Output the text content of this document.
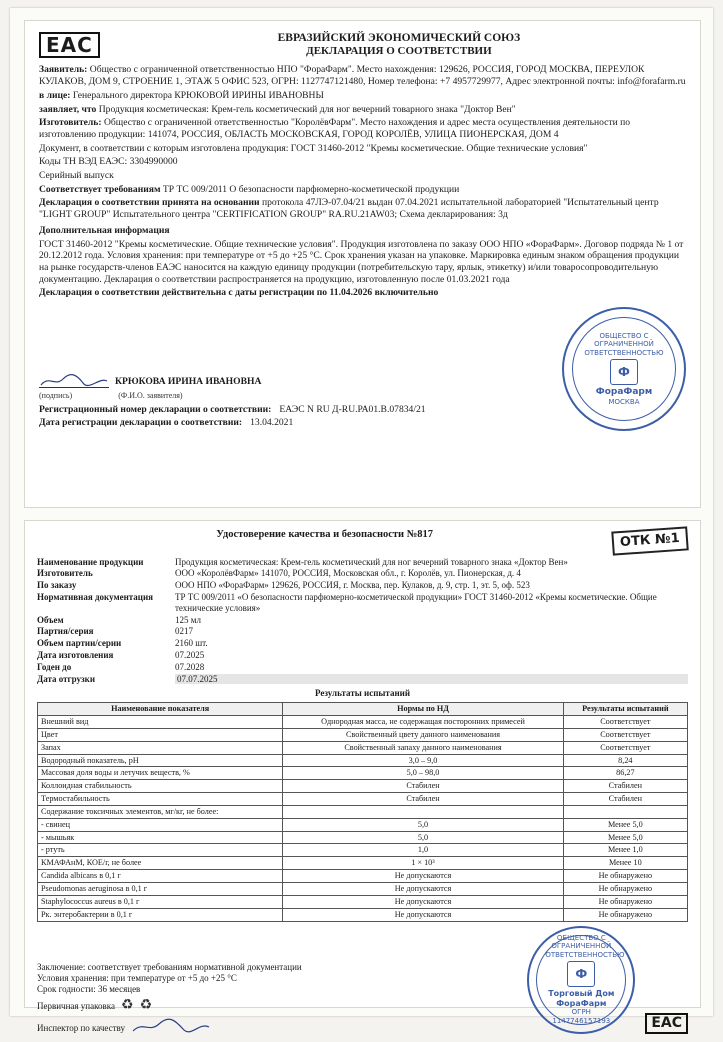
ЕАС	ЕВРАЗИЙСКИЙ ЭКОНОМИЧЕСКИЙ СОЮЗ
ДЕКЛАРАЦИЯ О СООТВЕТСТВИИ

Заявитель: Общество с ограниченной ответственностью НПО "ФораФарм". Место нахождения: 129626, РОССИЯ, ГОРОД МОСКВА, ПЕРЕУЛОК КУЛАКОВ, ДОМ 9, СТРОЕНИЕ 1, ЭТАЖ 5 ОФИС 523, ОГРН: 1127747121480, Номер телефона: +7 4957729977, Адрес электронной почты: info@forafarm.ru

в лице: Генерального директора КРЮКОВОЙ ИРИНЫ ИВАНОВНЫ

заявляет, что Продукция косметическая: Крем-гель косметический для ног вечерний товарного знака "Доктор Вен"

Изготовитель: Общество с ограниченной ответственностью "КоролёвФарм". Место нахождения и адрес места осуществления деятельности по изготовлению продукции: 141074, РОССИЯ, ОБЛАСТЬ МОСКОВСКАЯ, ГОРОД КОРОЛЁВ, УЛИЦА ПИОНЕРСКАЯ, ДОМ 4

Документ, в соответствии с которым изготовлена продукция: ГОСТ 31460-2012 "Кремы косметические. Общие технические условия"

Коды ТН ВЭД ЕАЭС: 3304990000

Серийный выпуск

Соответствует требованиям ТР ТС 009/2011 О безопасности парфюмерно-косметической продукции

Декларация о соответствии принята на основании протокола 47ЛЭ-07.04/21 выдан 07.04.2021 испытательной лабораторией "Испытательный центр "LIGHT GROUP" Испытательного центра "CERTIFICATION GROUP" RA.RU.21AW03; Схема декларирования: 3д

Дополнительная информация

ГОСТ 31460-2012 "Кремы косметические. Общие технические условия". Продукция изготовлена по заказу ООО НПО «ФораФарм». Договор подряда № 1 от 20.12.2012 года. Условия хранения: при температуре от +5 до +25 °С. Срок хранения указан на упаковке. Маркировка единым знаком обращения продукции на рынке государств-членов ЕАЭС наносится на каждую единицу продукции (потребительскую тару, ярлык, этикетку) и/или товаросопроводительную документацию. Декларация о соответствии распространяется на продукцию, изготовленную после 01.03.2021 года

Декларация о соответствии действительна с даты регистрации по 11.04.2026 включительно

КРЮКОВА ИРИНА ИВАНОВНА
(подпись)	(Ф.И.О. заявителя)
Регистрационный номер декларации о соответствии: ЕАЭС N RU Д-RU.РА01.В.07834/21
Дата регистрации декларации о соответствии: 13.04.2021
ОБЩЕСТВО С ОГРАНИЧЕННОЙ ОТВЕТСТВЕННОСТЬЮ
Ф
ФораФарм
МОСКВА
Удостоверение качества и безопасности №817	ОТК №1
Наименование продукции	Продукция косметическая: Крем-гель косметический для ног вечерний товарного знака «Доктор Вен»
Изготовитель	ООО «КоролёвФарм» 141070, РОССИЯ, Московская обл., г. Королёв, ул. Пионерская, д. 4
По заказу	ООО НПО «ФораФарм» 129626, РОССИЯ, г. Москва, пер. Кулаков, д. 9, стр. 1, эт. 5, оф. 523
Нормативная документация	ТР ТС 009/2011 «О безопасности парфюмерно-косметической продукции» ГОСТ 31460-2012 «Кремы косметические. Общие технические условия»
Объем	125 мл
Партия/серия	0217
Объем партии/серии	2160 шт.
Дата изготовления	07.2025
Годен до	07.2028
Дата отгрузки	07.07.2025
Результаты испытаний
Наименование показателя	Нормы по НД	Результаты испытаний
Внешний вид	Однородная масса, не содержащая посторонних примесей	Соответствует
Цвет	Свойственный цвету данного наименования	Соответствует
Запах	Свойственный запаху данного наименования	Соответствует
Водородный показатель, pH	3,0 – 9,0	8,24
Массовая доля воды и летучих веществ, %	5,0 – 98,0	86,27
Коллоидная стабильность	Стабилен	Стабилен
Термостабильность	Стабилен	Стабилен
Содержание токсичных элементов, мг/кг, не более:		
- свинец	5,0	Менее 5,0
- мышьяк	5,0	Менее 5,0
- ртуть	1,0	Менее 1,0
КМАФАнМ, КОЕ/г, не более	1 × 10³	Менее 10
Candida albicans в 0,1 г	Не допускаются	Не обнаружено
Pseudomonas aeruginosa в 0,1 г	Не допускаются	Не обнаружено
Staphylococcus aureus в 0,1 г	Не допускаются	Не обнаружено
Рк. энтеробактерии в 0,1 г	Не допускаются	Не обнаружено
Заключение: соответствует требованиям нормативной документации
Условия хранения: при температуре от +5 до +25 °С
Срок годности: 36 месяцев
Первичная упаковка ♻ ♻
Инспектор по качеству
ОБЩЕСТВО С ОГРАНИЧЕННОЙ ОТВЕТСТВЕННОСТЬЮ
Ф
Торговый Дом ФораФарм
ОГРН 1147746157193	ЕАС
